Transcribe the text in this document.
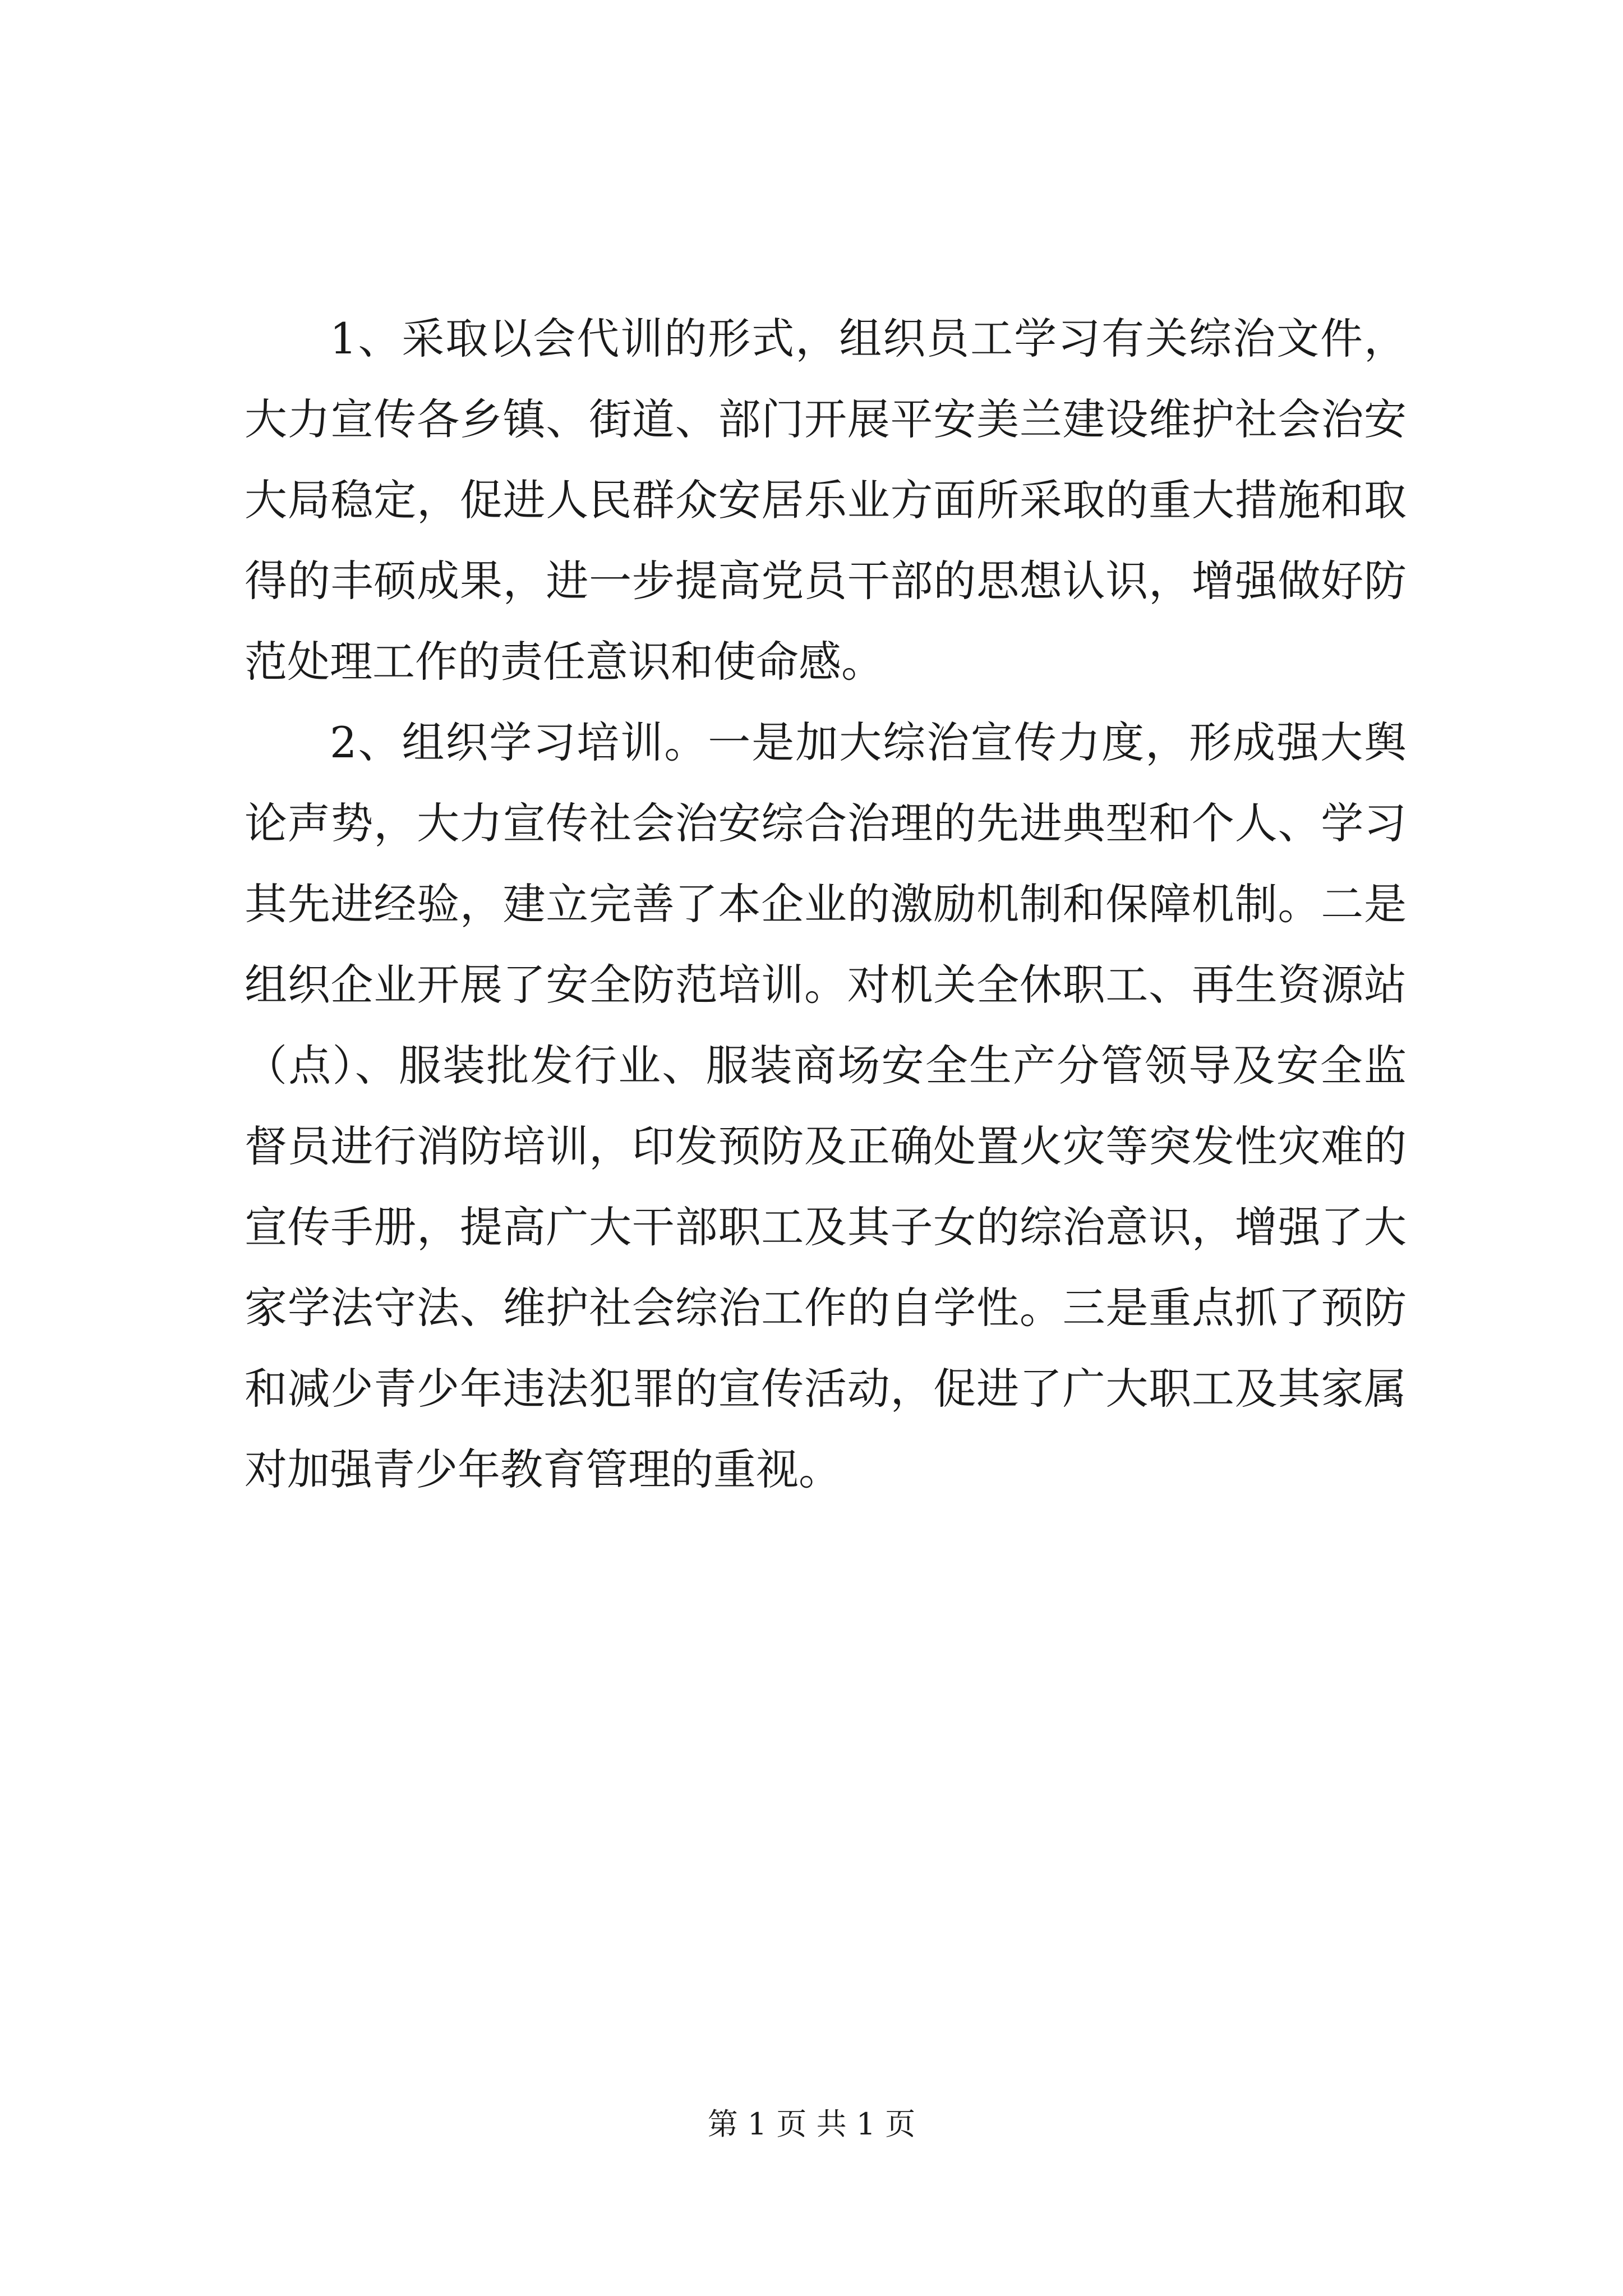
1、采取以会代训的形式，组织员工学习有关综治文件，大力宣传各乡镇、街道、部门开展平安美兰建设维护社会治安大局稳定，促进人民群众安居乐业方面所采取的重大措施和取得的丰硕成果，进一步提高党员干部的思想认识，增强做好防范处理工作的责任意识和使命感。

2、组织学习培训。一是加大综治宣传力度，形成强大舆论声势，大力宣传社会治安综合治理的先进典型和个人、学习其先进经验，建立完善了本企业的激励机制和保障机制。二是组织企业开展了安全防范培训。对机关全休职工、再生资源站（点）、服装批发行业、服装商场安全生产分管领导及安全监督员进行消防培训，印发预防及正确处置火灾等突发性灾难的宣传手册，提高广大干部职工及其子女的综治意识，增强了大家学法守法、维护社会综治工作的自学性。三是重点抓了预防和减少青少年违法犯罪的宣传活动，促进了广大职工及其家属对加强青少年教育管理的重视。

第 1 页 共 1 页
